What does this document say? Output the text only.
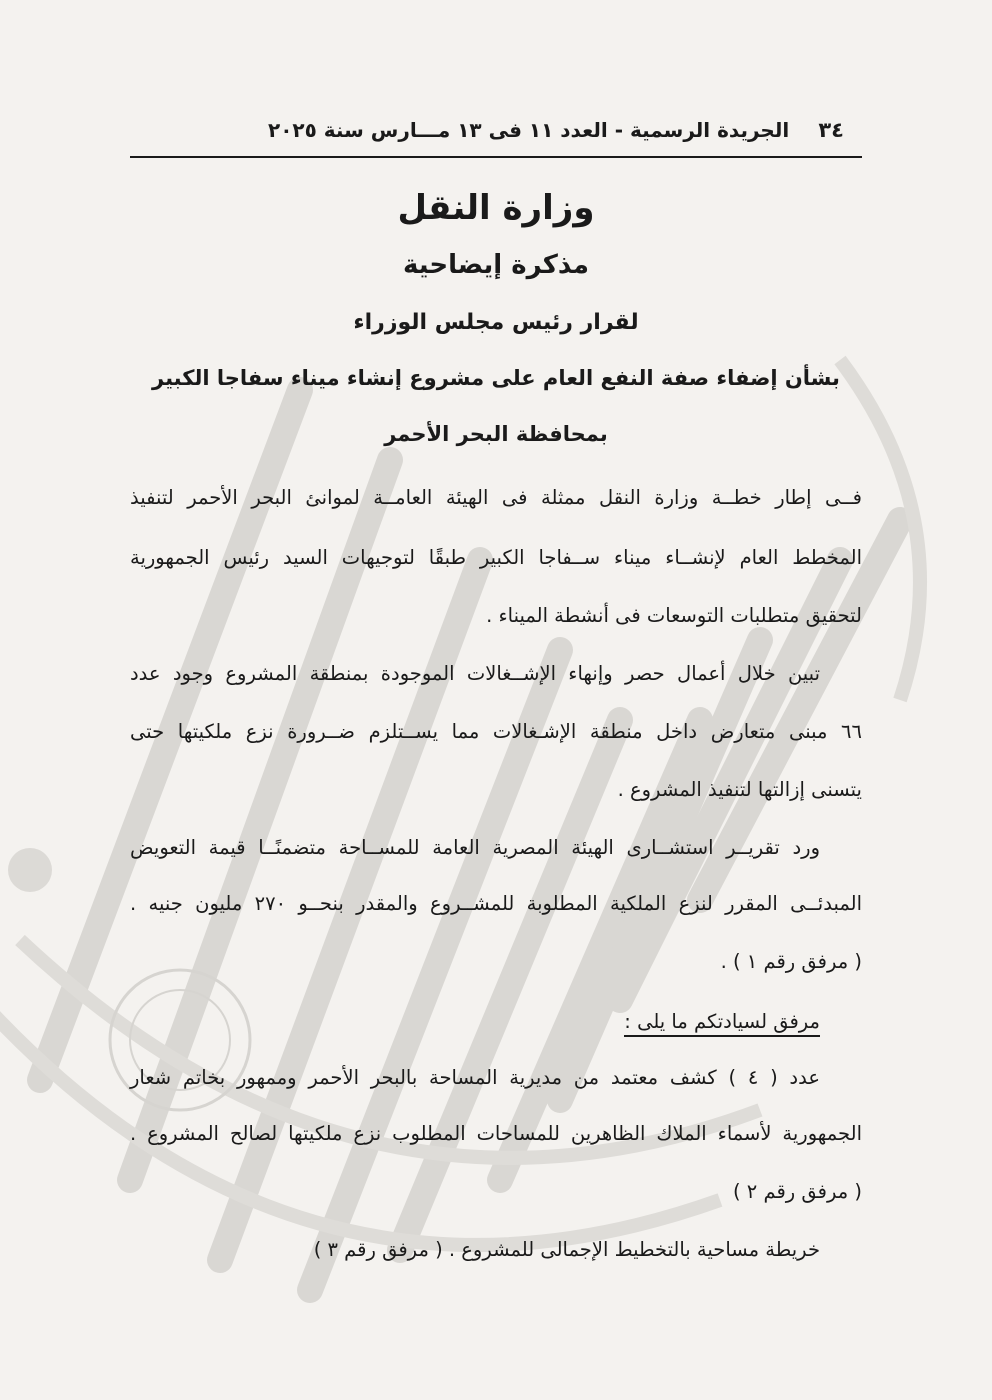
٣٤
الجريدة الرسمية - العدد ١١ فى ١٣ مـــارس سنة ٢٠٢٥
وزارة النقل
مذكرة إيضاحية
لقرار رئيس مجلس الوزراء
بشأن إضفاء صفة النفع العام على مشروع إنشاء ميناء سفاجا الكبير
بمحافظة البحر الأحمر
فــى إطار خطــة وزارة النقل ممثلة فى الهيئة العامــة لموانئ البحر الأحمر لتنفيذ
المخطط العام لإنشــاء ميناء ســفاجا الكبير طبقًا لتوجيهات السيد رئيس الجمهورية
لتحقيق متطلبات التوسعات فى أنشطة الميناء .
تبين خلال أعمال حصر وإنهاء الإشــغالات الموجودة بمنطقة المشروع وجود عدد
٦٦ مبنى متعارض داخل منطقة الإشـغالات مما يســتلزم ضــرورة نزع ملكيتها حتى
يتسنى إزالتها لتنفيذ المشروع .
ورد تقريــر استشــارى الهيئة المصرية العامة للمســاحة متضمنًــا قيمة التعويض
المبدئــى المقرر لنزع الملكية المطلوبة للمشــروع والمقدر بنحــو ٢٧٠ مليون جنيه .
( مرفق رقم ١ ) .
مرفق لسيادتكم ما يلى :
عدد ( ٤ ) كشف معتمد من مديرية المساحة بالبحر الأحمر وممهور بخاتم شعار
الجمهورية لأسماء الملاك الظاهرين للمساحات المطلوب نزع ملكيتها لصالح المشروع .
( مرفق رقم ٢ )
خريطة مساحية بالتخطيط الإجمالى للمشروع . ( مرفق رقم ٣ )
